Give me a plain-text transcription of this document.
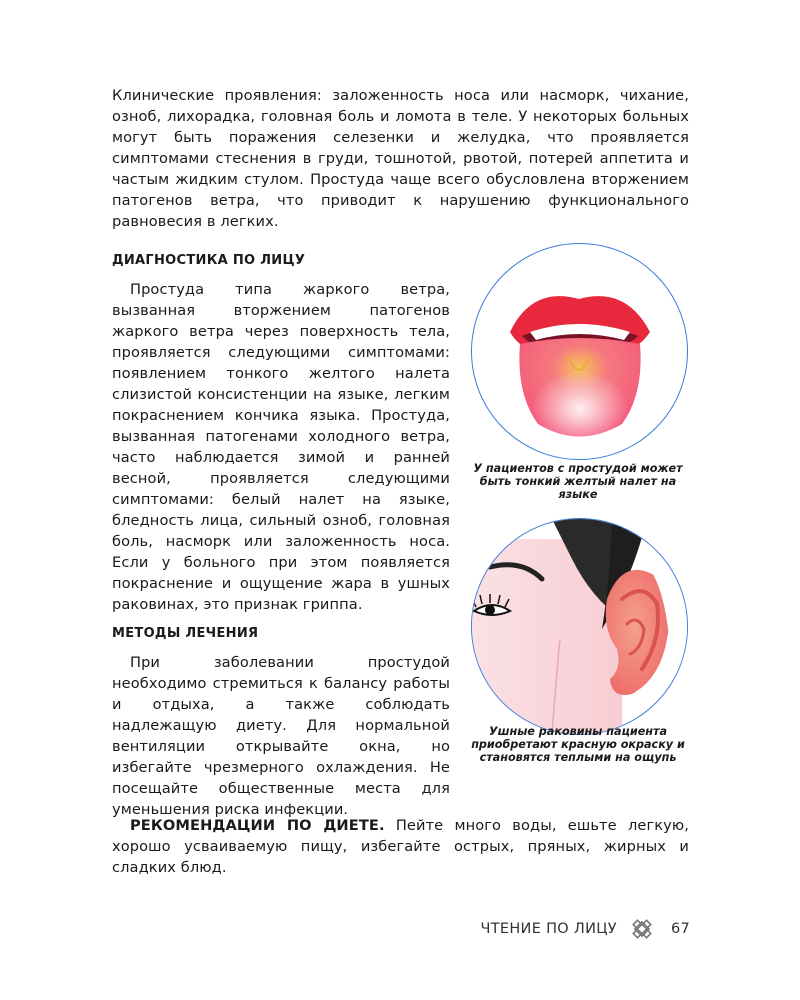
Клинические проявления: заложенность носа или насморк, чихание, озноб, лихорадка, головная боль и ломота в теле. У некоторых больных могут быть поражения селезенки и желудка, что проявляется симптомами стеснения в груди, тошнотой, рвотой, потерей аппетита и частым жидким стулом. Простуда чаще всего обусловлена вторжением патогенов ветра, что приводит к нарушению функционального равновесия в легких.

ДИАГНОСТИКА ПО ЛИЦУ

Простуда типа жаркого ветра, вызванная вторжением патогенов жаркого ветра через поверхность тела, проявляется следующими симптомами: появлением тонкого желтого налета слизистой консистенции на языке, легким покраснением кончика языка. Простуда, вызванная патогенами холодного ветра, часто наблюдается зимой и ранней весной, проявляется следующими симптомами: белый налет на языке, бледность лица, сильный озноб, головная боль, насморк или заложенность носа. Если у больного при этом появляется покраснение и ощущение жара в ушных раковинах, это признак гриппа.

У пациентов с простудой может быть тонкий желтый налет на языке
МЕТОДЫ ЛЕЧЕНИЯ

При заболевании простудой необходимо стремиться к балансу работы и отдыха, а также соблюдать надлежащую диету. Для нормальной вентиляции открывайте окна, но избегайте чрезмерного охлаждения. Не посещайте общественные места для уменьшения риска инфекции.

Ушные раковины пациента приобретают красную окраску и становятся теплыми на ощупь

РЕКОМЕНДАЦИИ ПО ДИЕТЕ. Пейте много воды, ешьте легкую, хорошо усваиваемую пищу, избегайте острых, пряных, жирных и сладких блюд.

ЧТЕНИЕ ПО ЛИЦУ	67
